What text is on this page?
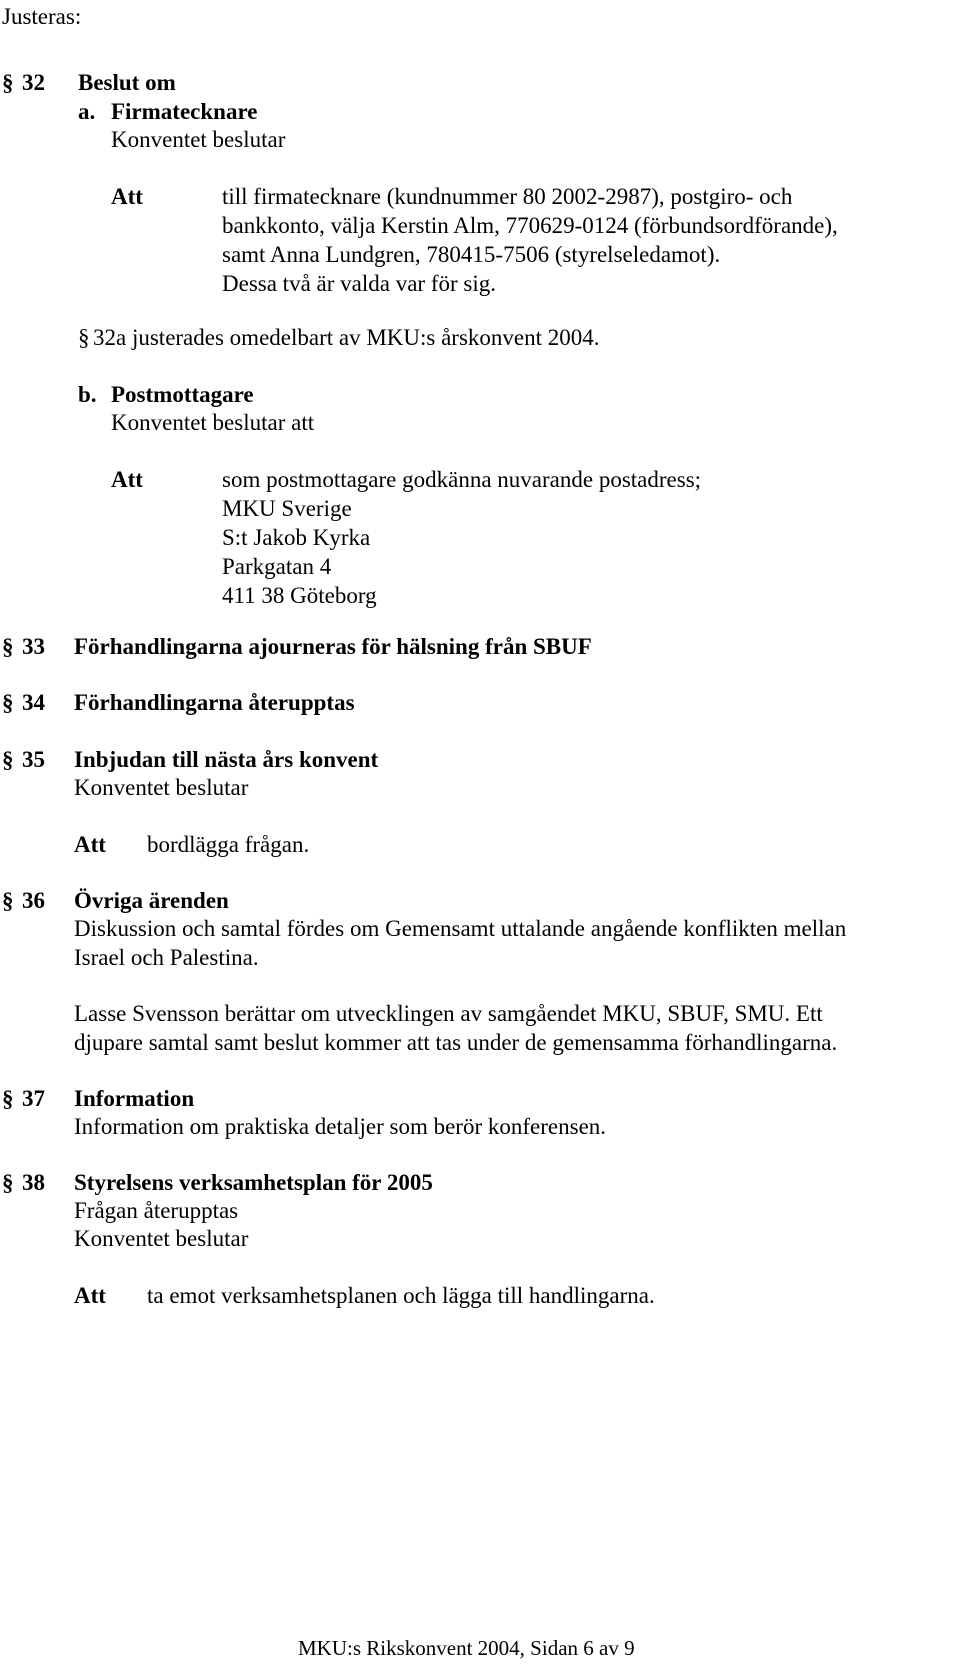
Justeras:
§ 32 Beslut om
a. Firmatecknare
Konventet beslutar
Att	till firmatecknare (kundnummer 80 2002-2987), postgiro- och
bankkonto, välja Kerstin Alm, 770629-0124 (förbundsordförande),
samt Anna Lundgren, 780415-7506 (styrelseledamot).
Dessa två är valda var för sig.
§ 32a justerades omedelbart av MKU:s årskonvent 2004.
b. Postmottagare
Konventet beslutar att
Att	som postmottagare godkänna nuvarande postadress;
MKU Sverige
S:t Jakob Kyrka
Parkgatan 4
411 38 Göteborg
§ 33 Förhandlingarna ajourneras för hälsning från SBUF
§ 34 Förhandlingarna återupptas
§ 35 Inbjudan till nästa års konvent
Konventet beslutar
Att bordlägga frågan.
§ 36 Övriga ärenden
Diskussion och samtal fördes om Gemensamt uttalande angående konflikten mellan
Israel och Palestina.
Lasse Svensson berättar om utvecklingen av samgåendet MKU, SBUF, SMU. Ett
djupare samtal samt beslut kommer att tas under de gemensamma förhandlingarna.
§ 37 Information
Information om praktiska detaljer som berör konferensen.
§ 38 Styrelsens verksamhetsplan för 2005
Frågan återupptas
Konventet beslutar
Att ta emot verksamhetsplanen och lägga till handlingarna.
MKU:s Rikskonvent 2004, Sidan 6 av 9
